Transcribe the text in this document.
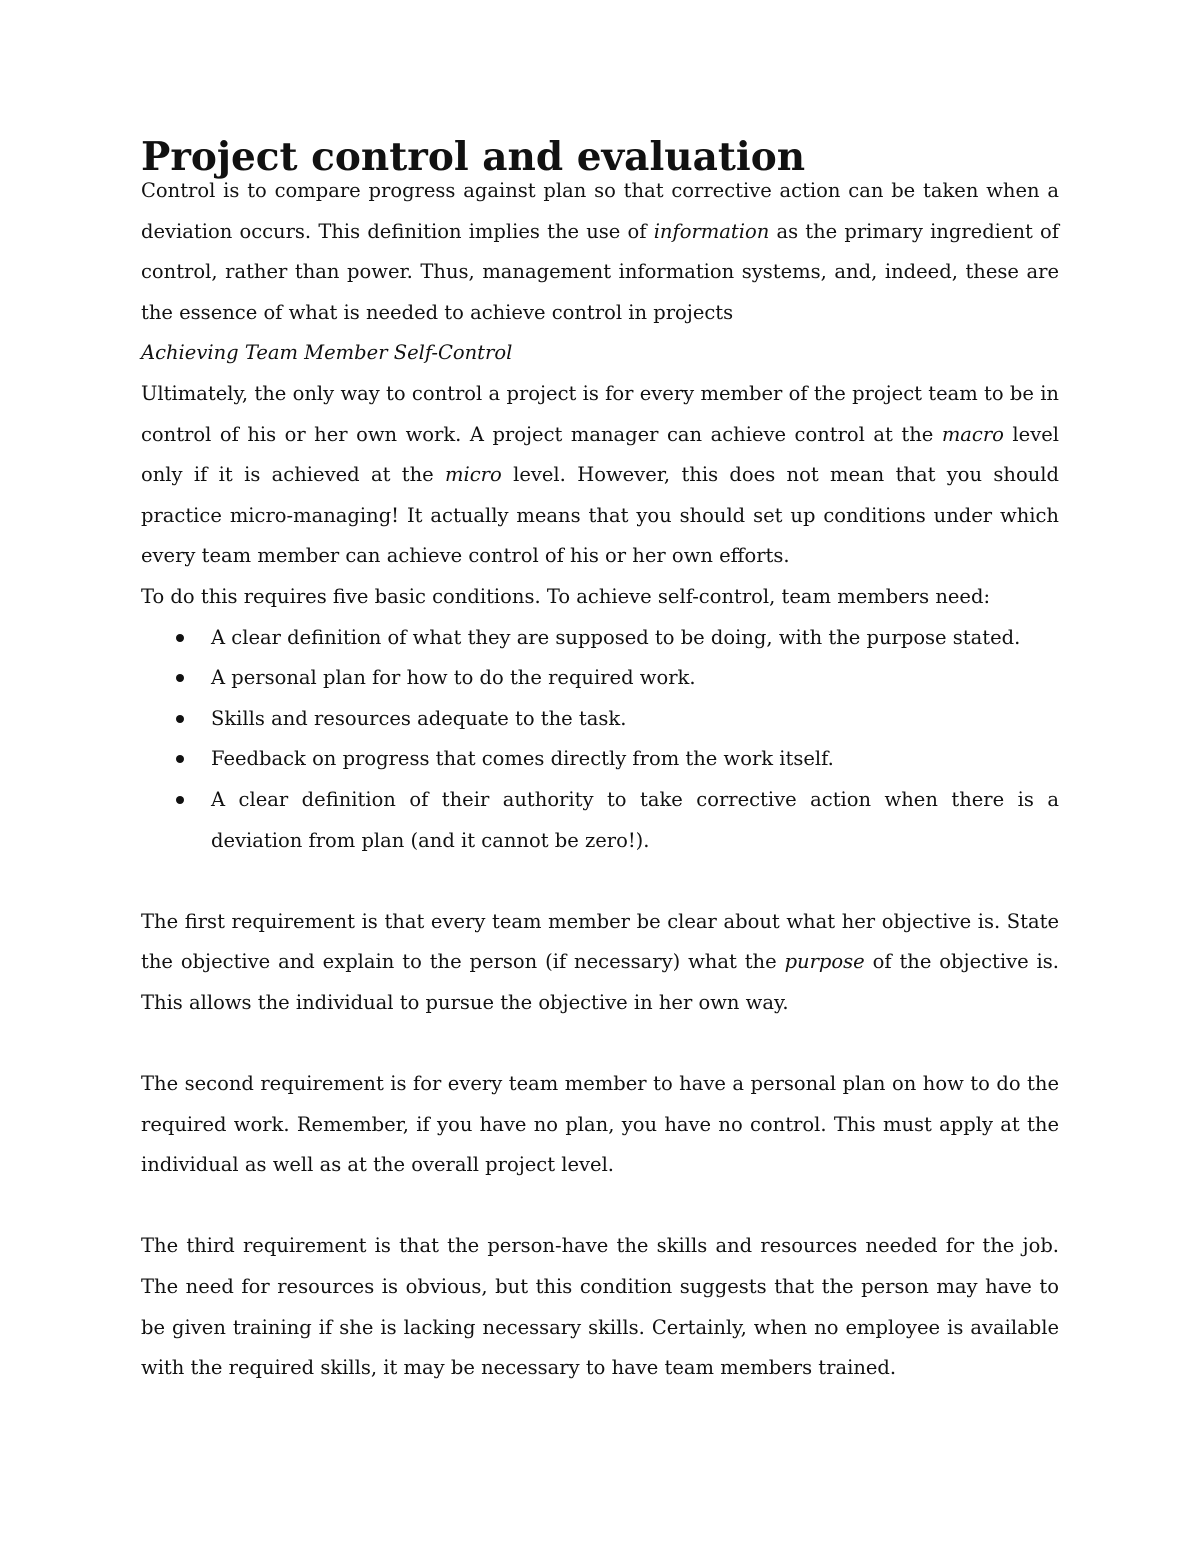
Project control and evaluation

Control is to compare progress against plan so that corrective action can be taken when a deviation occurs. This definition implies the use of information as the primary ingredient of control, rather than power. Thus, management information systems, and, indeed, these are the essence of what is needed to achieve control in projects

Achieving Team Member Self-Control

Ultimately, the only way to control a project is for every member of the project team to be in control of his or her own work. A project manager can achieve control at the macro level only if it is achieved at the micro level. However, this does not mean that you should practice micro-managing! It actually means that you should set up conditions under which every team member can achieve control of his or her own efforts.

To do this requires five basic conditions. To achieve self-control, team members need:

A clear definition of what they are supposed to be doing, with the purpose stated.
A personal plan for how to do the required work.
Skills and resources adequate to the task.
Feedback on progress that comes directly from the work itself.
A clear definition of their authority to take corrective action when there is a deviation from plan (and it cannot be zero!).

The first requirement is that every team member be clear about what her objective is. State the objective and explain to the person (if necessary) what the purpose of the objective is. This allows the individual to pursue the objective in her own way.

The second requirement is for every team member to have a personal plan on how to do the required work. Remember, if you have no plan, you have no control. This must apply at the individual as well as at the overall project level.

The third requirement is that the person-have the skills and resources needed for the job. The need for resources is obvious, but this condition suggests that the person may have to be given training if she is lacking necessary skills. Certainly, when no employee is available with the required skills, it may be necessary to have team members trained.
